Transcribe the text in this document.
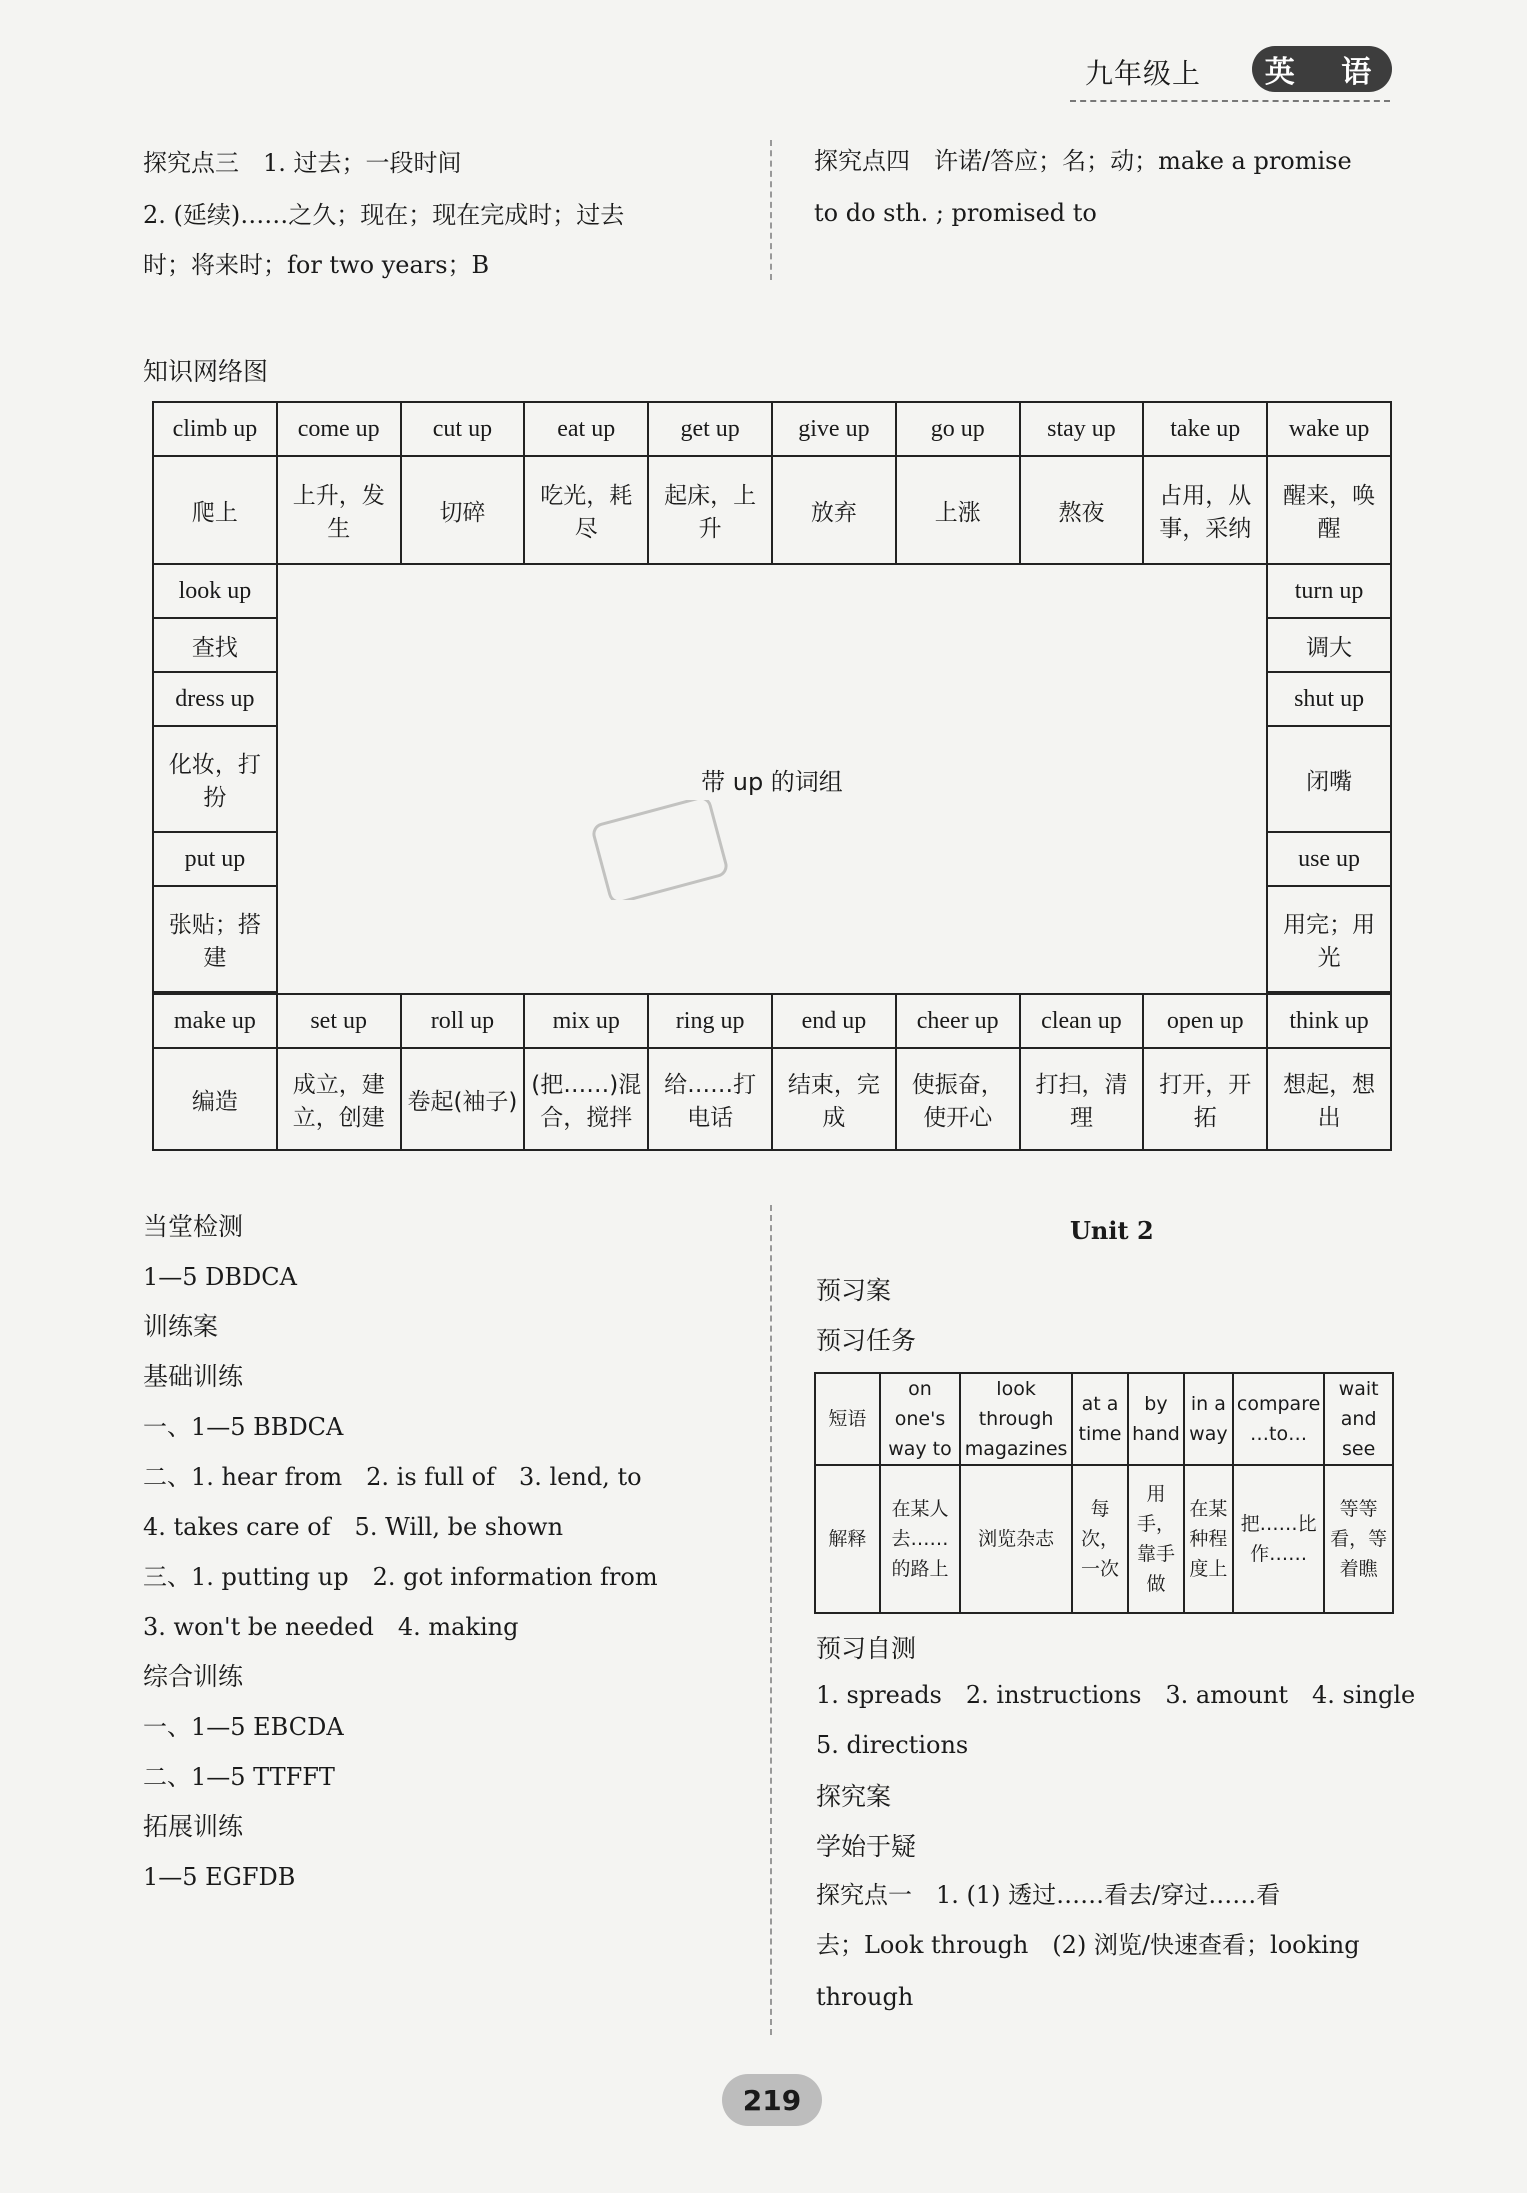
九年级上	英 语
探究点三　1. 过去；一段时间
2. (延续)……之久；现在；现在完成时；过去
时；将来时；for two years；B
探究点四　许诺/答应；名；动；make a promise
to do sth. ; promised to
知识网络图
climb up	come up	cut up	eat up	get up	give up	go up	stay up	take up	wake up
爬上	上升，发生	切碎	吃光，耗尽	起床，上升	放弃	上涨	熬夜	占用，从事，采纳	醒来，唤醒
look up	带 up 的词组								turn up
查找									调大
dress up									shut up
化妆，打扮									闭嘴
put up									use up
张贴；搭建									用完；用光

make up	set up	roll up	mix up	ring up	end up	cheer up	clean up	open up	think up
编造	成立，建立，创建	卷起(袖子)	(把……)混合，搅拌	给……打电话	结束，完成	使振奋，使开心	打扫，清理	打开，开拓	想起，想出
当堂检测
1—5 DBDCA
训练案
基础训练
一、1—5 BBDCA
二、1. hear from　2. is full of　3. lend, to
4. takes care of　5. Will, be shown
三、1. putting up　2. got information from
3. won't be needed　4. making
综合训练
一、1—5 EBCDA
二、1—5 TTFFT
拓展训练
1—5 EGFDB
Unit 2
预习案
预习任务
短语	on one's way to	look through magazines	at a time	by hand	in a way	compare …to…	wait and see
解释	在某人去……的路上	浏览杂志	每次，一次	用手，靠手做	在某种程度上	把……比作……	等等看，等着瞧
预习自测
1. spreads　2. instructions　3. amount　4. single
5. directions
探究案
学始于疑
探究点一　1. (1) 透过……看去/穿过……看
去；Look through　(2) 浏览/快速查看；looking
through
219
